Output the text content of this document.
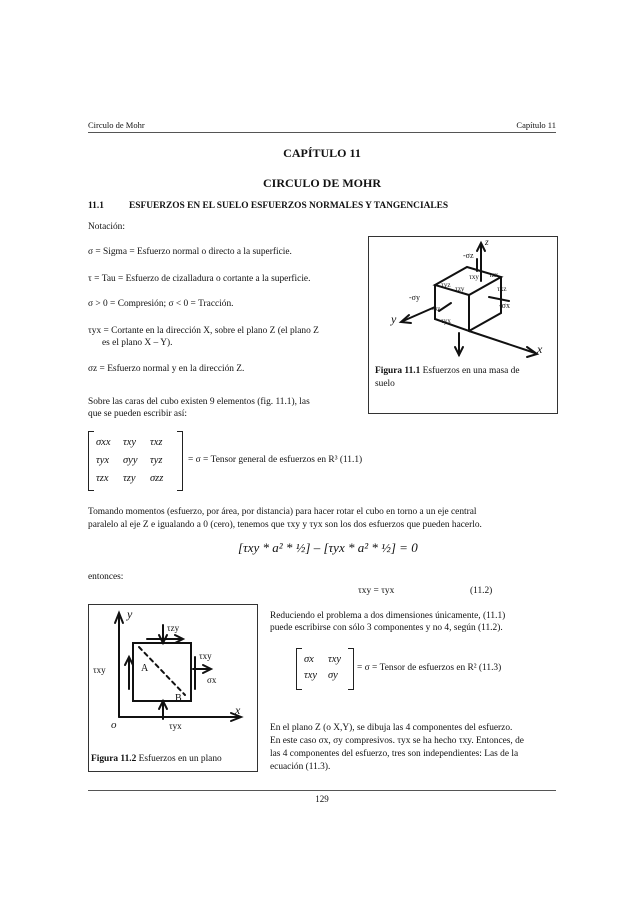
Circulo de Mohr	Capítulo 11
CAPÍTULO 11
CIRCULO DE MOHR
11.1	ESFUERZOS EN EL SUELO ESFUERZOS NORMALES Y TANGENCIALES
Notación:
σ = Sigma = Esfuerzo normal o directo a la superficie.
τ = Tau = Esfuerzo de cizalladura o cortante a la superficie.
σ > 0 = Compresión; σ < 0 = Tracción.
τyx = Cortante en la dirección X, sobre el plano Z (el plano Z
es el plano X – Y).
σz = Esfuerzo normal y en la dirección Z.
z
y
x
-σz
-σy
-σx
τyz
τxy τzx
τzy	τxz
τyx
-σz
Figura 11.1 Esfuerzos en una masa de
suelo
Sobre las caras del cubo existen 9 elementos (fig. 11.1), las
que se pueden escribir así:
σxx τxy τxz
τyx σyy τyz
τzx τzy σzz
= σ = Tensor general de esfuerzos en R³ (11.1)
Tomando momentos (esfuerzo, por área, por distancia) para hacer rotar el cubo en torno a un eje central
paralelo al eje Z e igualando a 0 (cero), tenemos que τxy y τyx son los dos esfuerzos que pueden hacerlo.
[τxy * a² * ½] – [τyx * a² * ½] = 0
entonces:
τxy = τyx	(11.2)
y
x
o
A
B
τzy
τxy
σx
τyx
τxy
Figura 11.2 Esfuerzos en un plano
Reduciendo el problema a dos dimensiones únicamente, (11.1)
puede escribirse con sólo 3 componentes y no 4, según (11.2).
σx τxy
τxy σy
= σ = Tensor de esfuerzos en R² (11.3)
En el plano Z (o X,Y), se dibuja las 4 componentes del esfuerzo.
En este caso σx, σy compresivos. τyx se ha hecho τxy. Entonces, de
las 4 componentes del esfuerzo, tres son independientes: Las de la
ecuación (11.3).
129
